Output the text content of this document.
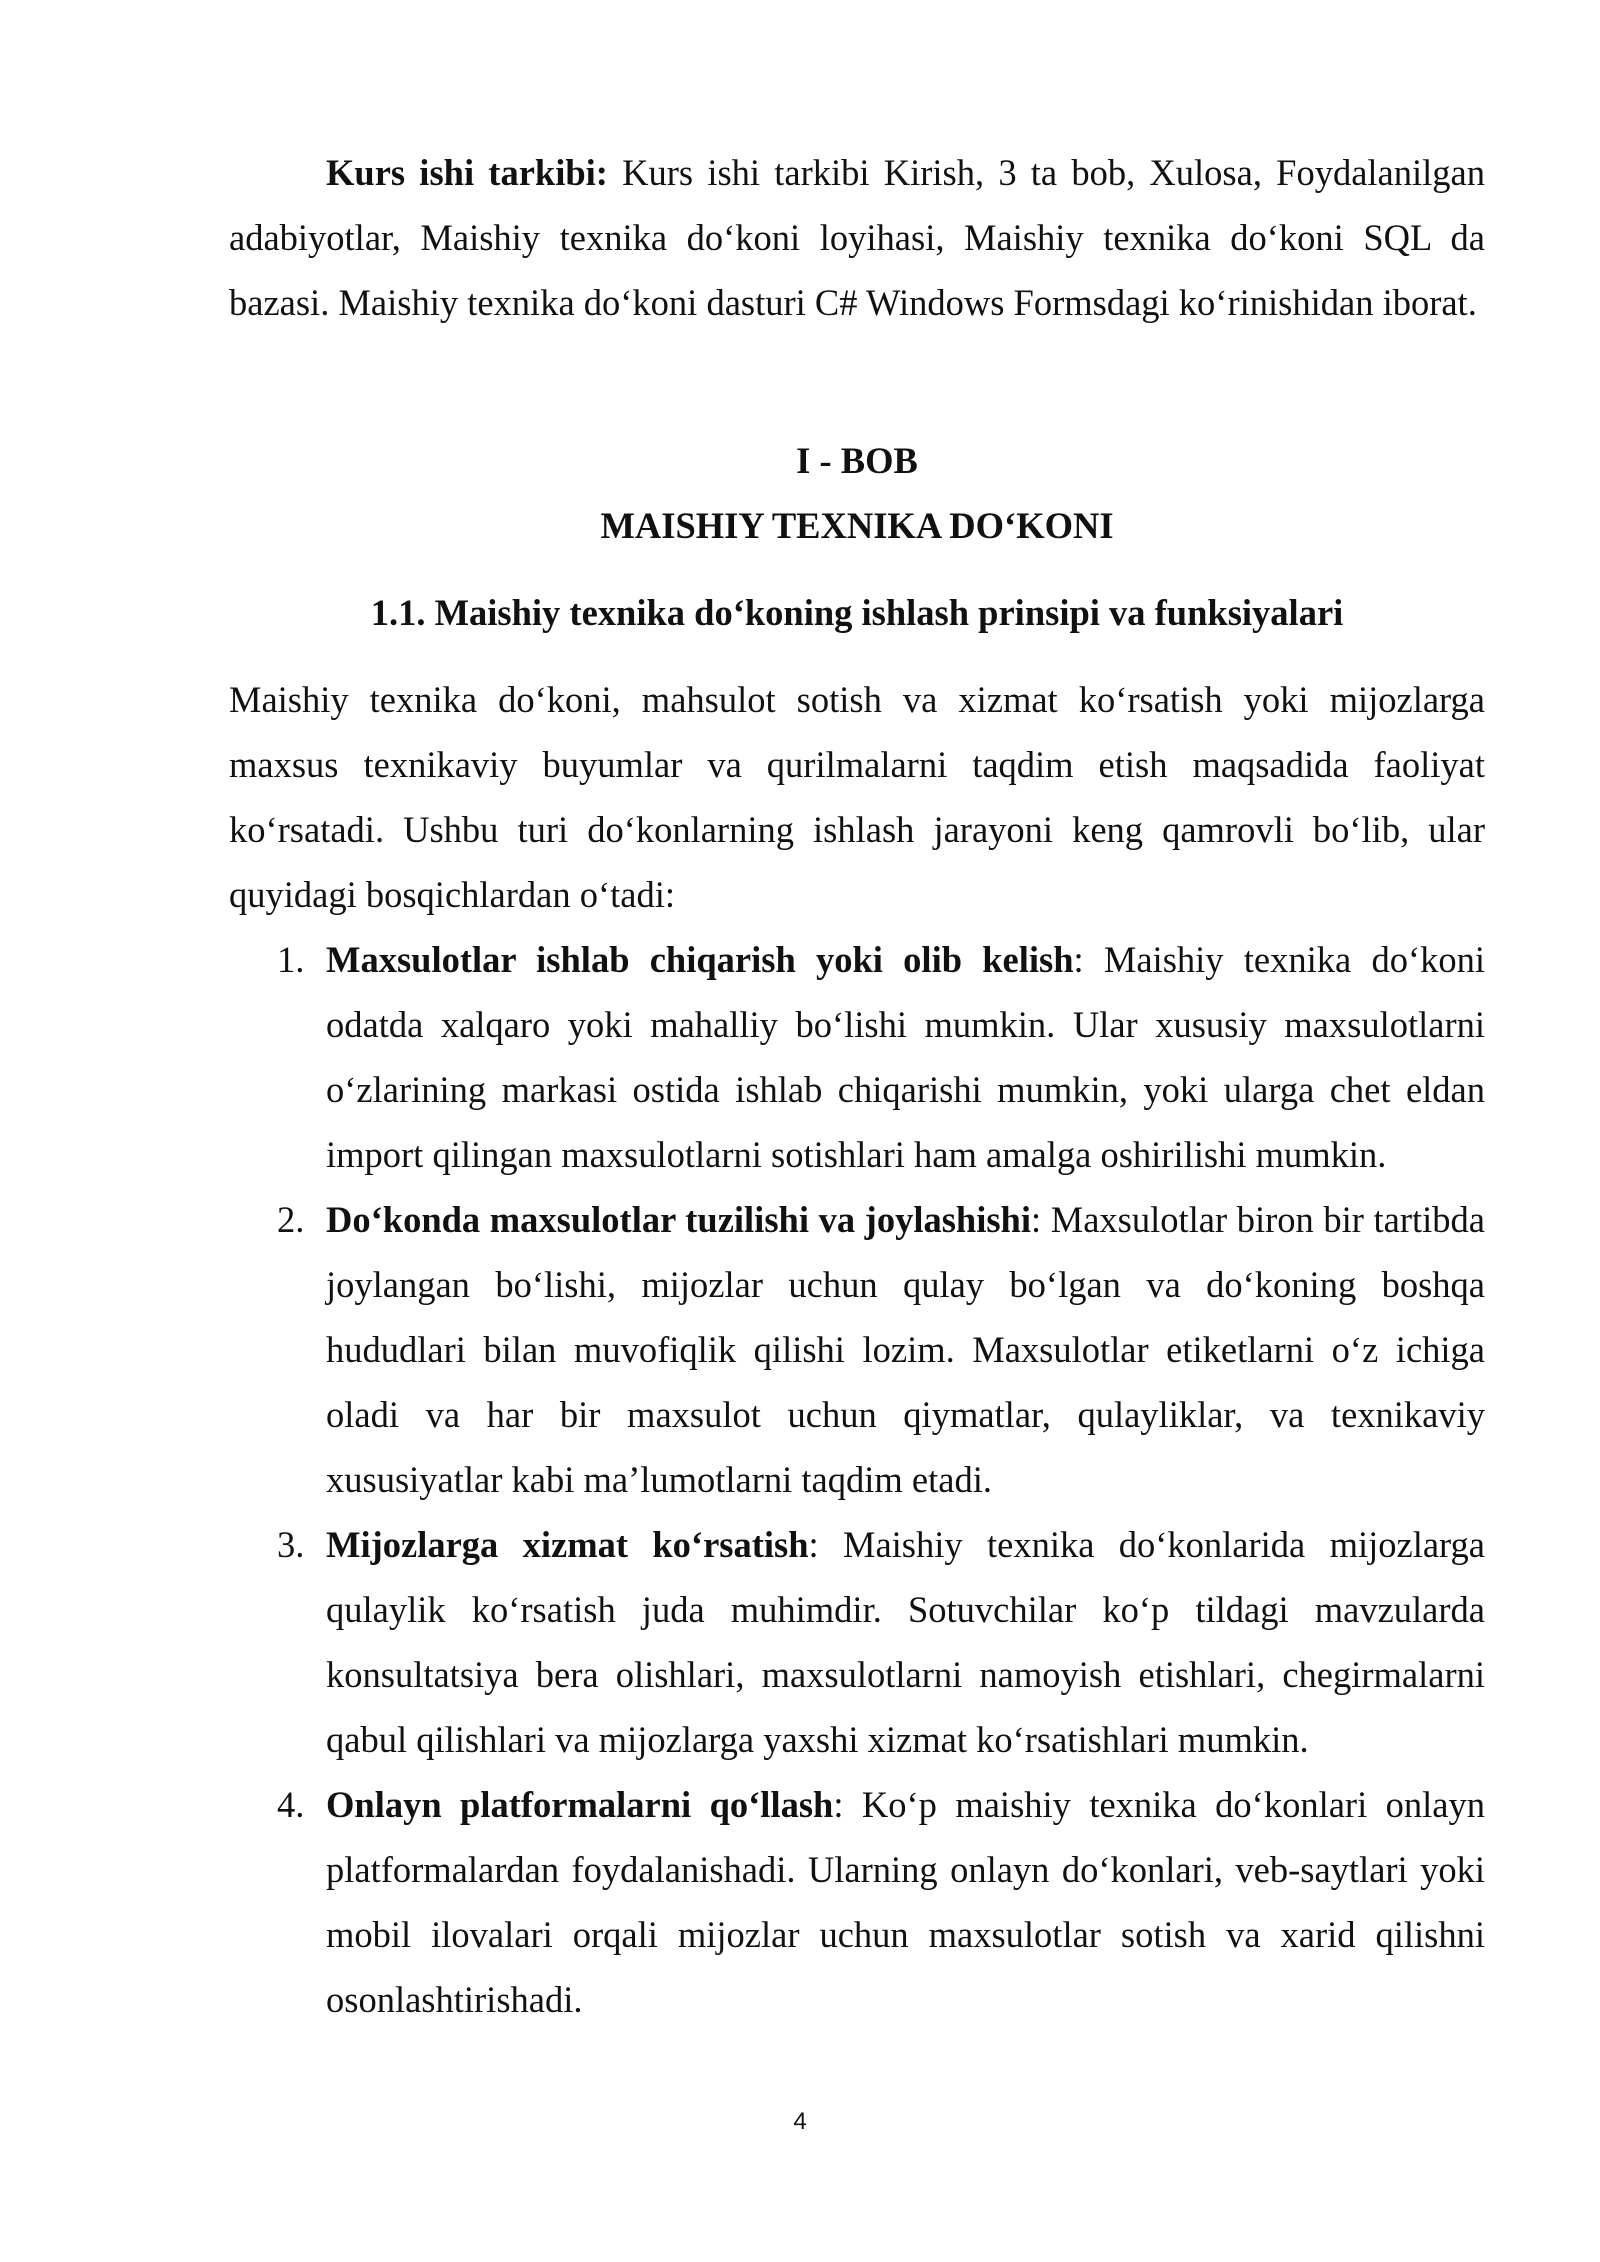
Kurs ishi tarkibi: Kurs ishi tarkibi Kirish, 3 ta bob, Xulosa, Foydalanilgan adabiyotlar, Maishiy texnika do‘koni loyihasi, Maishiy texnika do‘koni SQL da bazasi. Maishiy texnika do‘koni dasturi C# Windows Formsdagi ko‘rinishidan iborat.

I - BOB

MAISHIY TEXNIKA DO‘KONI

1.1. Maishiy texnika do‘koning ishlash prinsipi va funksiyalari

Maishiy texnika do‘koni, mahsulot sotish va xizmat ko‘rsatish yoki mijozlarga maxsus texnikaviy buyumlar va qurilmalarni taqdim etish maqsadida faoliyat ko‘rsatadi. Ushbu turi do‘konlarning ishlash jarayoni keng qamrovli bo‘lib, ular quyidagi bosqichlardan o‘tadi:

1. Maxsulotlar ishlab chiqarish yoki olib kelish: Maishiy texnika do‘koni odatda xalqaro yoki mahalliy bo‘lishi mumkin. Ular xususiy maxsulotlarni o‘zlarining markasi ostida ishlab chiqarishi mumkin, yoki ularga chet eldan import qilingan maxsulotlarni sotishlari ham amalga oshirilishi mumkin.

2. Do‘konda maxsulotlar tuzilishi va joylashishi: Maxsulotlar biron bir tartibda joylangan bo‘lishi, mijozlar uchun qulay bo‘lgan va do‘koning boshqa hududlari bilan muvofiqlik qilishi lozim. Maxsulotlar etiketlarni o‘z ichiga oladi va har bir maxsulot uchun qiymatlar, qulayliklar, va texnikaviy xususiyatlar kabi ma’lumotlarni taqdim etadi.

3. Mijozlarga xizmat ko‘rsatish: Maishiy texnika do‘konlarida mijozlarga qulaylik ko‘rsatish juda muhimdir. Sotuvchilar ko‘p tildagi mavzularda konsultatsiya bera olishlari, maxsulotlarni namoyish etishlari, chegirmalarni qabul qilishlari va mijozlarga yaxshi xizmat ko‘rsatishlari mumkin.

4. Onlayn platformalarni qo‘llash: Ko‘p maishiy texnika do‘konlari onlayn platformalardan foydalanishadi. Ularning onlayn do‘konlari, veb-saytlari yoki mobil ilovalari orqali mijozlar uchun maxsulotlar sotish va xarid qilishni osonlashtirishadi.

4
